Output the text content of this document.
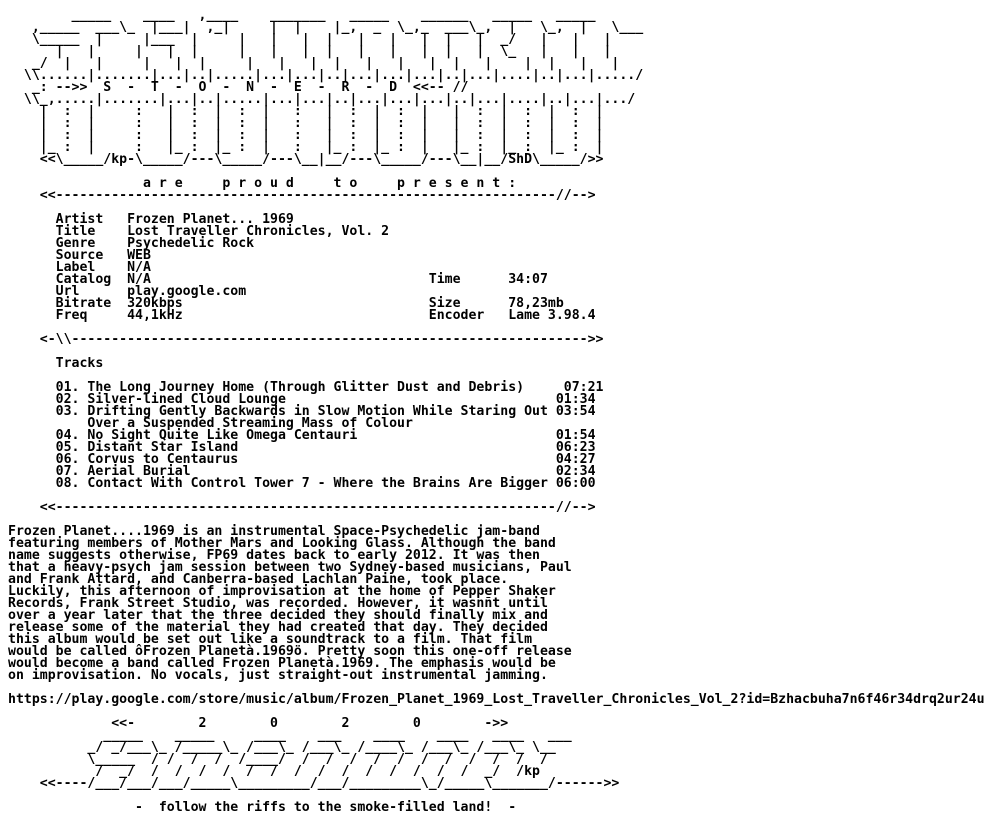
_____    ____   ,____    _______   _____    ______   _____   _____
,_____  ___\_  |___|  ,_|     |  |    |_,  _  \_,_  ___\_,  |   \_,  |   \___
\_____  |     |___  |     |   |   |  |   |   |   |  |   |  _/   |   |   |
|   |     |   |  |     |   |   |  |   |   |   |  |   |  \_   |   |   |
_/  |   |     |   |  |     |   |   |  |   |   |   |  |   |    |  |   |   |
\\......|.......|...|..|.....|...|...|..|...|...|...|..|...|....|..|...|...../
_: -->>  S  -  T  -  O  -  N  -  E  -  R  -  D  <<-- //
\\_,.....|.......|...|..|.....|...|...|..|...|...|...|..|...|....|..|...|.../
|  :  |     :   |  :  |  :  |   :   |  :  |  :  |   |  :  |  :  |  :  |
|  :  |     :   |  :  |  :  |   :   |  :  |  :  |   |  :  |  :  |  :  |
|  :  |     :   |  :  |  :  |   :   |  :  |  :  |   |  :  |  :  |  :  |
|_ :  |     :   |_ :  |_ :  |   :   |_ :  |_ :  |   |_ :  |_ :  |_ :  |
<<\_____/kp-\_____/---\_____/---\__|__/---\_____/---\__|__/ShD\_____/>>

a r e     p r o u d     t o     p r e s e n t :
<<---------------------------------------------------------------//-->

Artist   Frozen Planet... 1969
Title    Lost Traveller Chronicles, Vol. 2
Genre    Psychedelic Rock
Source   WEB
Label    N/A
Catalog  N/A                                   Time      34:07
Url      play.google.com
Bitrate  320kbps                               Size      78,23mb
Freq     44,1kHz                               Encoder   Lame 3.98.4

<-\\----------------------------------------------------------------->>

Tracks

01. The Long Journey Home (Through Glitter Dust and Debris)     07:21
02. Silver-lined Cloud Lounge                                  01:34
03. Drifting Gently Backwards in Slow Motion While Staring Out 03:54
Over a Suspended Streaming Mass of Colour
04. No Sight Quite Like Omega Centauri                         01:54
05. Distant Star Island                                        06:23
06. Corvus to Centaurus                                        04:27
07. Aerial Burial                                              02:34
08. Contact With Control Tower 7 - Where the Brains Are Bigger 06:00

<<---------------------------------------------------------------//-->

Frozen Planet....1969 is an instrumental Space-Psychedelic jam-band
featuring members of Mother Mars and Looking Glass. Although the band
name suggests otherwise, FP69 dates back to early 2012. It was then
that a heavy-psych jam session between two Sydney-based musicians, Paul
and Frank Attard, and Canberra-based Lachlan Paine, took place.
Luckily, this afternoon of improvisation at the home of Pepper Shaker
Records, Frank Street Studio, was recorded. However, it wasnñt until
over a year later that the three decided they should finally mix and
release some of the material they had created that day. They decided
this album would be set out like a soundtrack to a film. That film
would be called ôFrozen Planetà.1969ö. Pretty soon this one-off release
would become a band called Frozen Planetà.1969. The emphasis would be
on improvisation. No vocals, just straight-out instrumental jamming.

https://play.google.com/store/music/album/Frozen_Planet_1969_Lost_Traveller_Chronicles_Vol_2?id=Bzhacbuha7n6f46r34drq2ur24u

<<-        2        0        2        0        ->>
_____    _____     ____    ___    ____    ____   ____   ___
_/ _/___\_ /_____\_ /___\_ /___\_ /____\_ /___\_ /___\_ \__
\_____  / /  /  /  /____/  /  /  /  /  /  /  /  /  /  /  /
/  _/  /  /  /  /  /  /  /  /  /  /  /  /  /  /  _/  /kp
<<----/___/___/___/_____\_________/___/_________\_/_____\_______/------>>

-  follow the riffs to the smoke-filled land!  -
